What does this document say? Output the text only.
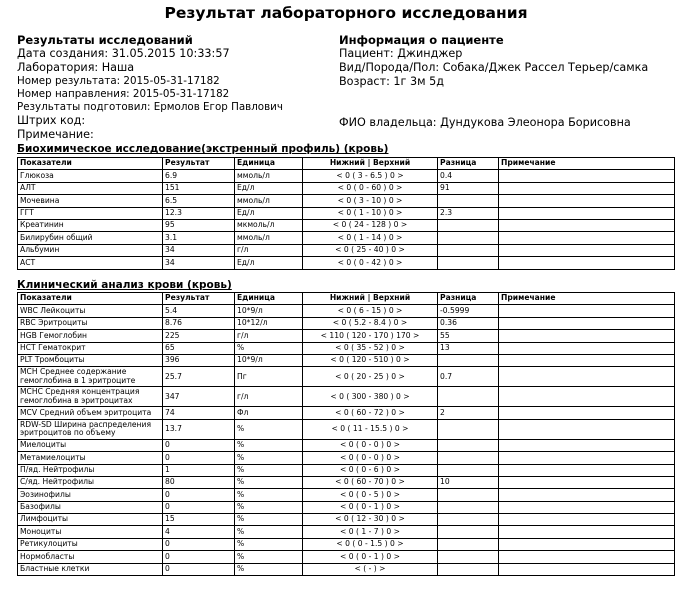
Результат лабораторного исследования
Результаты исследований
Дата создания: 31.05.2015 10:33:57
Лаборатория: Наша
Номер результата: 2015-05-31-17182
Номер направления: 2015-05-31-17182
Результаты подготовил: Ермолов Егор Павлович
Штрих код:
Примечание:
Информация о пациенте
Пациент: Джинджер
Вид/Порода/Пол: Собака/Джек Рассел Терьер/самка
Возраст: 1г 3м 5д
ФИО владельца: Дундукова Элеонора Борисовна
Биохимическое исследование(экстренный профиль) (кровь)
Показатели	Результат	Единица	Нижний | Верхний	Разница	Примечание
Глюкоза	6.9	ммоль/л	< 0 ( 3 - 6.5 ) 0 >	0.4	
АЛТ	151	Ед/л	< 0 ( 0 - 60 ) 0 >	91	
Мочевина	6.5	ммоль/л	< 0 ( 3 - 10 ) 0 >		
ГГТ	12.3	Ед/л	< 0 ( 1 - 10 ) 0 >	2.3	
Креатинин	95	мкмоль/л	< 0 ( 24 - 128 ) 0 >		
Билирубин общий	3.1	ммоль/л	< 0 ( 1 - 14 ) 0 >		
Альбумин	34	г/л	< 0 ( 25 - 40 ) 0 >		
АСТ	34	Ед/л	< 0 ( 0 - 42 ) 0 >		
Клинический анализ крови (кровь)
Показатели	Результат	Единица	Нижний | Верхний	Разница	Примечание
WBC Лейкоциты	5.4	10*9/л	< 0 ( 6 - 15 ) 0 >	-0.5999	
RBC Эритроциты	8.76	10*12/л	< 0 ( 5.2 - 8.4 ) 0 >	0.36	
HGB Гемоглобин	225	г/л	< 110 ( 120 - 170 ) 170 >	55	
HCT Гематокрит	65	%	< 0 ( 35 - 52 ) 0 >	13	
PLT Тромбоциты	396	10*9/л	< 0 ( 120 - 510 ) 0 >		
MCH Среднее содержание гемоглобина в 1 эритроците	25.7	Пг	< 0 ( 20 - 25 ) 0 >	0.7	
MCHC Средняя концентрация гемоглобина в эритроцитах	347	г/л	< 0 ( 300 - 380 ) 0 >		
MCV Средний объем эритроцита	74	Фл	< 0 ( 60 - 72 ) 0 >	2	
RDW-SD Ширина распределения эритроцитов по объему	13.7	%	< 0 ( 11 - 15.5 ) 0 >		
Миелоциты	0	%	< 0 ( 0 - 0 ) 0 >		
Метамиелоциты	0	%	< 0 ( 0 - 0 ) 0 >		
П/яд. Нейтрофилы	1	%	< 0 ( 0 - 6 ) 0 >		
С/яд. Нейтрофилы	80	%	< 0 ( 60 - 70 ) 0 >	10	
Эозинофилы	0	%	< 0 ( 0 - 5 ) 0 >		
Базофилы	0	%	< 0 ( 0 - 1 ) 0 >		
Лимфоциты	15	%	< 0 ( 12 - 30 ) 0 >		
Моноциты	4	%	< 0 ( 1 - 7 ) 0 >		
Ретикулоциты	0	%	< 0 ( 0 - 1.5 ) 0 >		
Нормобласты	0	%	< 0 ( 0 - 1 ) 0 >		
Бластные клетки	0	%	< ( - ) >		
